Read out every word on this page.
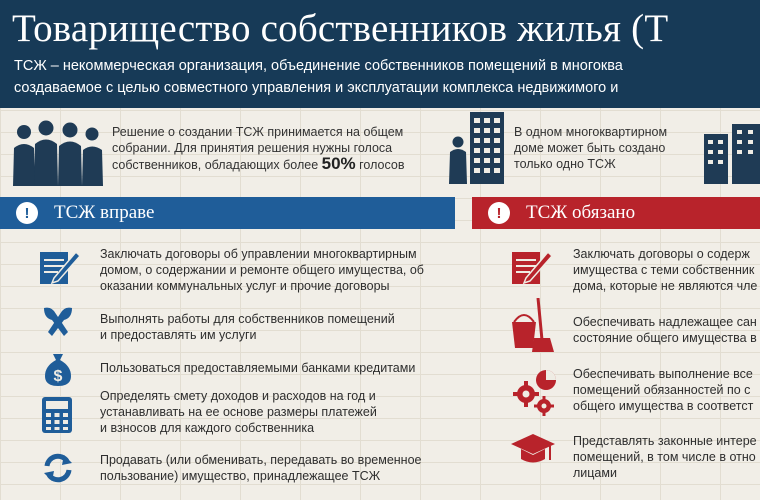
Товарищество собственников жилья (Т
ТСЖ – некоммерческая организация, объединение собственников помещений в многоква
создаваемое с целью совместного управления и эксплуатации комплекса недвижимого и
Решение о создании ТСЖ принимается на общем
собрании. Для принятия решения нужны голоса
собственников, обладающих более 50% голосов
В одном многоквартирном
доме может быть создано
только одно ТСЖ
!	ТСЖ вправе	!	ТСЖ обязано
$
Заключать договоры об управлении многоквартирным
домом, о содержании и ремонте общего имущества, об
оказании коммунальных услуг и прочие договоры
Выполнять работы для собственников помещений
и предоставлять им услуги
Пользоваться предоставляемыми банками кредитами
Определять смету доходов и расходов на год и
устанавливать на ее основе размеры платежей
и взносов для каждого собственника
Продавать (или обменивать, передавать во временное
пользование) имущество, принадлежащее ТСЖ
Заключать договоры о содерж
имущества с теми собственник
дома, которые не являются чле
Обеспечивать надлежащее сан
состояние общего имущества в
Обеспечивать выполнение все
помещений обязанностей по с
общего имущества в соответст
Представлять законные интере
помещений, в том числе в отно
лицами
